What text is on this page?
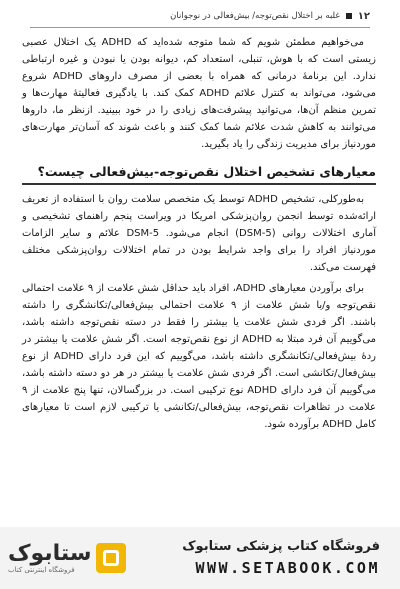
۱۲
غلبه بر اختلال نقص‌توجه/ بیش‌فعالی در نوجوانان

می‌خواهیم مطمئن شویم که شما متوجه شده‌اید که ADHD یک اختلال عصبی زیستی است که با هوش، تنبلی، استعداد کم، دیوانه بودن یا نبودن و غیره ارتباطی ندارد. این برنامهٔ درمانی که همراه با بعضی از مصرف داروهای ADHD شروع می‌شود، می‌تواند به کنترل علائم ADHD کمک کند. با یادگیری فعالیتهٔ مهارت‌ها و تمرین منظم آن‌ها، می‌توانید پیشرفت‌های زیادی را در خود ببینید. ازنظر ما، داروها می‌توانند به کاهش شدت علائم شما کمک کنند و باعث شوند که آسان‌تر مهارت‌های موردنیاز برای مدیریت زندگی را یاد بگیرید.

معیارهای تشخیص اختلال نقص‌توجه-بیش‌فعالی چیست؟

به‌طورکلی، تشخیص ADHD توسط یک متخصص سلامت روان با استفاده از تعریف ارائه‌شده توسط انجمن روان‌پزشکی امریکا در ویراست پنجم راهنمای تشخیصی و آماری اختلالات روانی (DSM-5) انجام می‌شود. DSM-5 علائم و سایر الزامات موردنیاز افراد را برای واجد شرایط بودن در تمام اختلالات روان‌پزشکی مختلف فهرست می‌کند.

برای برآوردن معیارهای ADHD، افراد باید حداقل شش علامت از ۹ علامت احتمالی نقص‌توجه و/یا شش علامت از ۹ علامت احتمالی بیش‌فعالی/تکانشگری را داشته باشند. اگر فردی شش علامت یا بیشتر را فقط در دسته نقص‌توجه داشته باشد، می‌گوییم آن فرد مبتلا به ADHD از نوع نقص‌توجه است. اگر شش علامت یا بیشتر در ردهٔ بیش‌فعالی/تکانشگری داشته باشد، می‌گوییم که این فرد دارای ADHD از نوع بیش‌فعال/تکانشی است. اگر فردی شش علامت یا بیشتر در هر دو دسته داشته باشد، می‌گوییم آن فرد دارای ADHD نوع ترکیبی است. در بزرگسالان، تنها پنج علامت از ۹ علامت در تظاهرات نقص‌توجه، بیش‌فعالی/تکانشی یا ترکیبی لازم است تا معیارهای کامل ADHD برآورده شود.

ستابوک
فروشگاه اینترنتی کتاب
فروشگاه کتاب پزشکی ستابوک
WWW.SETABOOK.COM
